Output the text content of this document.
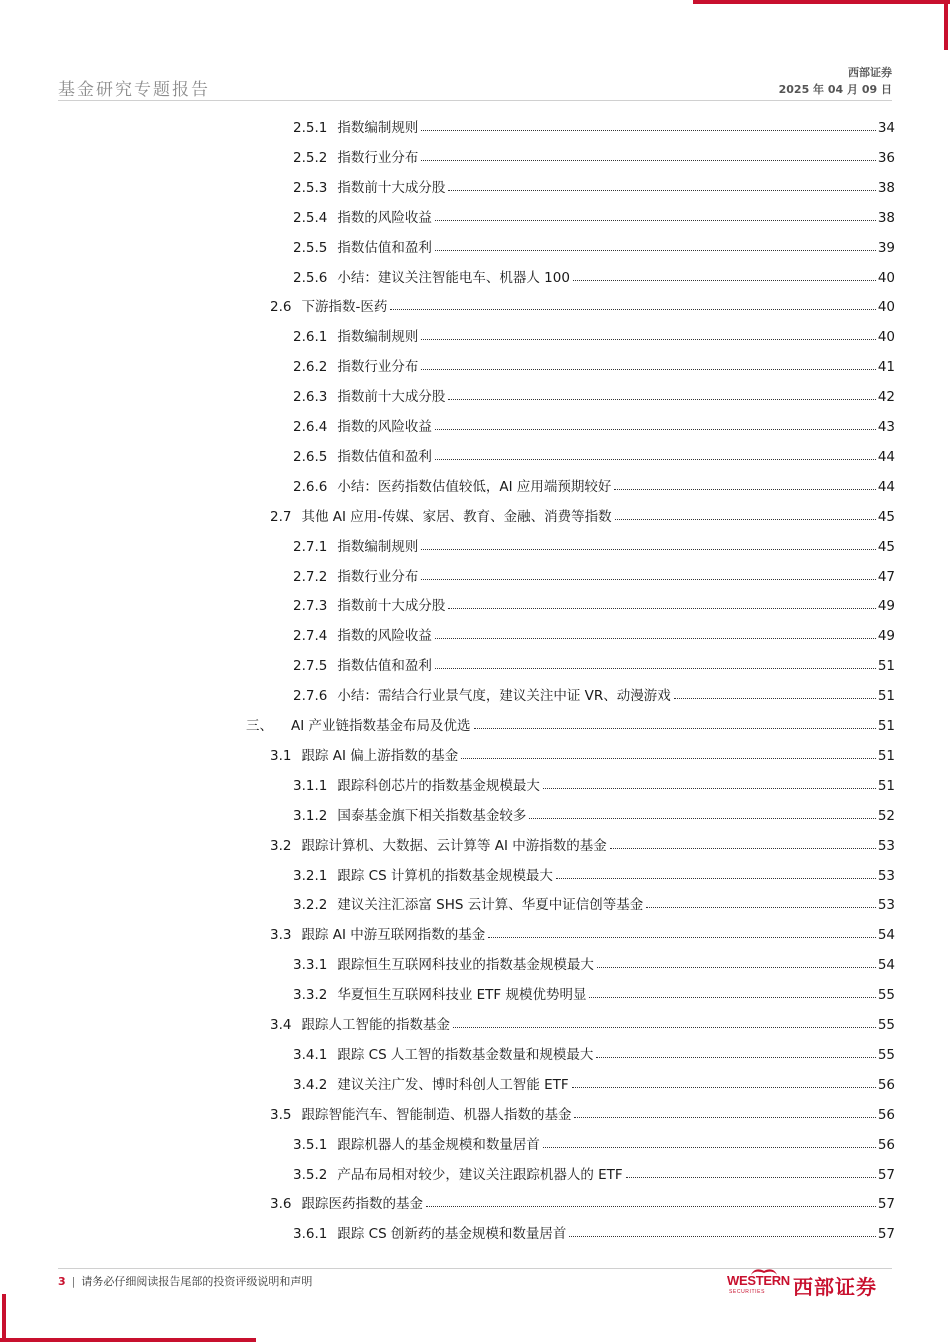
基金研究专题报告
西部证券
2025 年 04 月 09 日
2.5.1 指数编制规则	34
2.5.2 指数行业分布	36
2.5.3 指数前十大成分股	38
2.5.4 指数的风险收益	38
2.5.5 指数估值和盈利	39
2.5.6 小结：建议关注智能电车、机器人 100	40
2.6 下游指数-医药	40
2.6.1 指数编制规则	40
2.6.2 指数行业分布	41
2.6.3 指数前十大成分股	42
2.6.4 指数的风险收益	43
2.6.5 指数估值和盈利	44
2.6.6 小结：医药指数估值较低，AI 应用端预期较好	44
2.7 其他 AI 应用-传媒、家居、教育、金融、消费等指数	45
2.7.1 指数编制规则	45
2.7.2 指数行业分布	47
2.7.3 指数前十大成分股	49
2.7.4 指数的风险收益	49
2.7.5 指数估值和盈利	51
2.7.6 小结：需结合行业景气度，建议关注中证 VR、动漫游戏	51
三、 AI 产业链指数基金布局及优选	51
3.1 跟踪 AI 偏上游指数的基金	51
3.1.1 跟踪科创芯片的指数基金规模最大	51
3.1.2 国泰基金旗下相关指数基金较多	52
3.2 跟踪计算机、大数据、云计算等 AI 中游指数的基金	53
3.2.1 跟踪 CS 计算机的指数基金规模最大	53
3.2.2 建议关注汇添富 SHS 云计算、华夏中证信创等基金	53
3.3 跟踪 AI 中游互联网指数的基金	54
3.3.1 跟踪恒生互联网科技业的指数基金规模最大	54
3.3.2 华夏恒生互联网科技业 ETF 规模优势明显	55
3.4 跟踪人工智能的指数基金	55
3.4.1 跟踪 CS 人工智的指数基金数量和规模最大	55
3.4.2 建议关注广发、博时科创人工智能 ETF	56
3.5 跟踪智能汽车、智能制造、机器人指数的基金	56
3.5.1 跟踪机器人的基金规模和数量居首	56
3.5.2 产品布局相对较少，建议关注跟踪机器人的 ETF	57
3.6 跟踪医药指数的基金	57
3.6.1 跟踪 CS 创新药的基金规模和数量居首	57
3 | 请务必仔细阅读报告尾部的投资评级说明和声明	WESTERN
SECURITIES 西部证券
